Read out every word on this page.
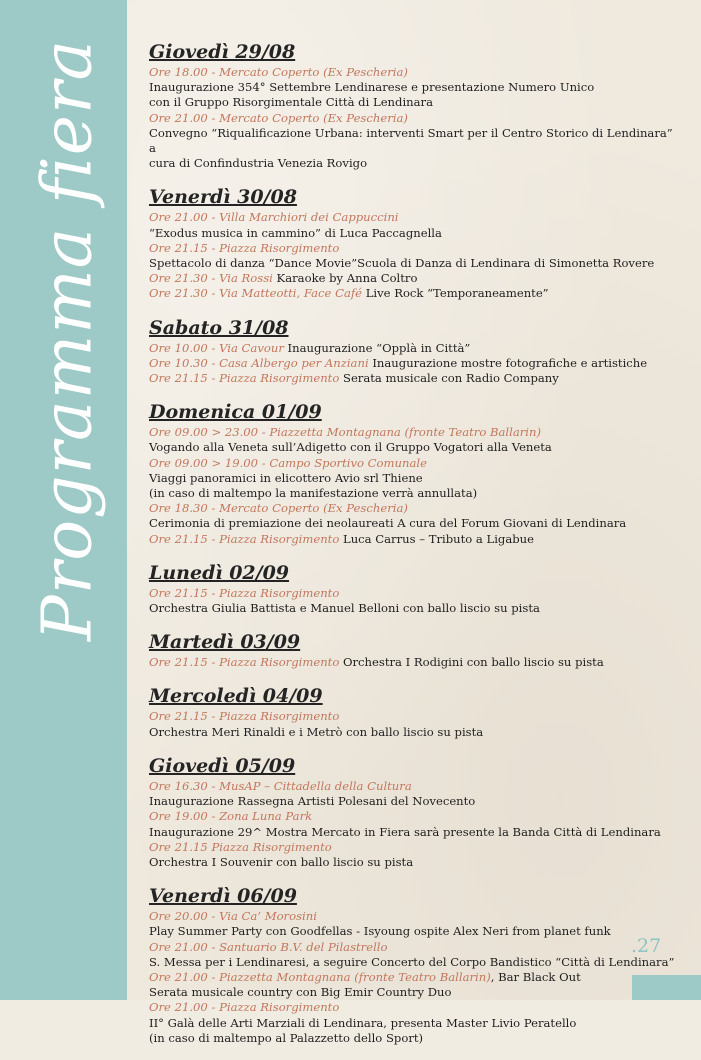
Programma fiera Giovedì 29/08
Ore 18.00 - Mercato Coperto (Ex Pescheria)
Inaugurazione 354° Settembre Lendinarese e presentazione Numero Unico
con il Gruppo Risorgimentale Città di Lendinara
Ore 21.00 - Mercato Coperto (Ex Pescheria)
Convegno “Riqualificazione Urbana: interventi Smart per il Centro Storico di Lendinara” a
cura di Confindustria Venezia Rovigo
Venerdì 30/08
Ore 21.00 - Villa Marchiori dei Cappuccini
“Exodus musica in cammino” di Luca Paccagnella
Ore 21.15 - Piazza Risorgimento
Spettacolo di danza “Dance Movie”Scuola di Danza di Lendinara di Simonetta Rovere
Ore 21.30 - Via Rossi Karaoke by Anna Coltro
Ore 21.30 - Via Matteotti, Face Café Live Rock “Temporaneamente”
Sabato 31/08
Ore 10.00 - Via Cavour Inaugurazione “Opplà in Città”
Ore 10.30 - Casa Albergo per Anziani Inaugurazione mostre fotografiche e artistiche
Ore 21.15 - Piazza Risorgimento Serata musicale con Radio Company
Domenica 01/09
Ore 09.00 > 23.00 - Piazzetta Montagnana (fronte Teatro Ballarin)
Vogando alla Veneta sull’Adigetto con il Gruppo Vogatori alla Veneta
Ore 09.00 > 19.00 - Campo Sportivo Comunale
Viaggi panoramici in elicottero Avio srl Thiene
(in caso di maltempo la manifestazione verrà annullata)
Ore 18.30 - Mercato Coperto (Ex Pescheria)
Cerimonia di premiazione dei neolaureati A cura del Forum Giovani di Lendinara
Ore 21.15 - Piazza Risorgimento Luca Carrus – Tributo a Ligabue
Lunedì 02/09
Ore 21.15 - Piazza Risorgimento
Orchestra Giulia Battista e Manuel Belloni con ballo liscio su pista
Martedì 03/09
Ore 21.15 - Piazza Risorgimento Orchestra I Rodigini con ballo liscio su pista
Mercoledì 04/09
Ore 21.15 - Piazza Risorgimento
Orchestra Meri Rinaldi e i Metrò con ballo liscio su pista
Giovedì 05/09
Ore 16.30 - MusAP – Cittadella della Cultura
Inaugurazione Rassegna Artisti Polesani del Novecento
Ore 19.00 - Zona Luna Park
Inaugurazione 29^ Mostra Mercato in Fiera sarà presente la Banda Città di Lendinara
Ore 21.15 Piazza Risorgimento
Orchestra I Souvenir con ballo liscio su pista
Venerdì 06/09
Ore 20.00 - Via Ca’ Morosini
Play Summer Party con Goodfellas - Isyoung ospite Alex Neri from planet funk
Ore 21.00 - Santuario B.V. del Pilastrello
S. Messa per i Lendinaresi, a seguire Concerto del Corpo Bandistico “Città di Lendinara”
Ore 21.00 - Piazzetta Montagnana (fronte Teatro Ballarin), Bar Black Out
Serata musicale country con Big Emir Country Duo
Ore 21.00 - Piazza Risorgimento
II° Galà delle Arti Marziali di Lendinara, presenta Master Livio Peratello
(in caso di maltempo al Palazzetto dello Sport)
.27
